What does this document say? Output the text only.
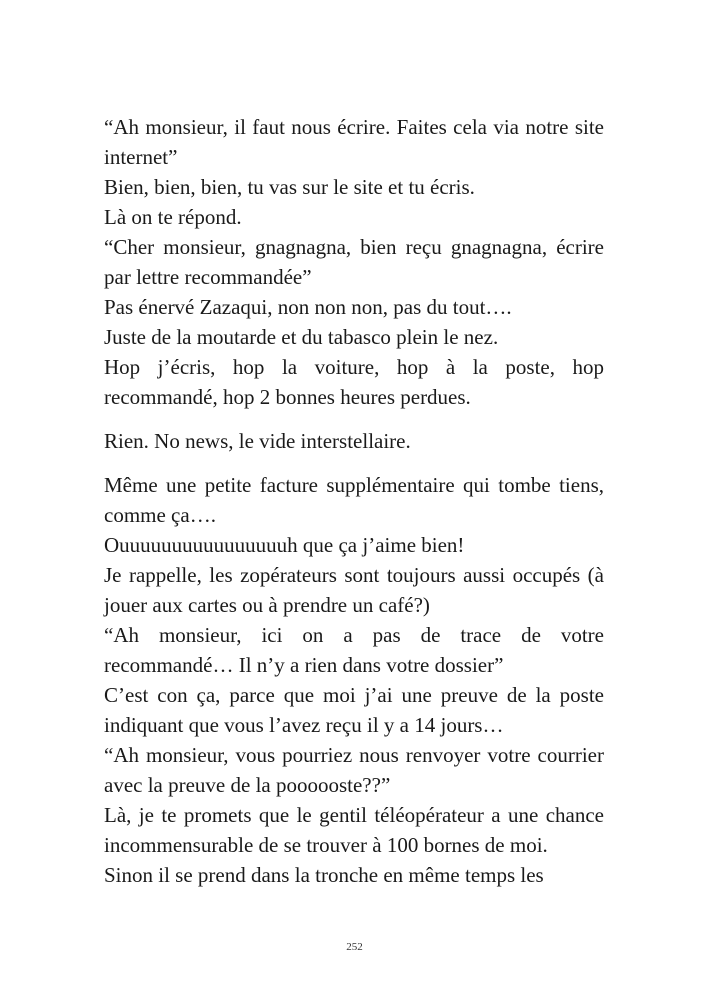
“Ah monsieur, il faut nous écrire. Faites cela via notre site internet”

Bien, bien, bien, tu vas sur le site et tu écris.

Là on te répond.

“Cher monsieur, gnagnagna, bien reçu gnagnagna, écrire par lettre recommandée”

Pas énervé Zazaqui, non non non, pas du tout….

Juste de la moutarde et du tabasco plein le nez.

Hop j’écris, hop la voiture, hop à la poste, hop recommandé, hop 2 bonnes heures perdues.

Rien. No news, le vide interstellaire.

Même une petite facture supplémentaire qui tombe tiens, comme ça….

Ouuuuuuuuuuuuuuuuh que ça j’aime bien!

Je rappelle, les zopérateurs sont toujours aussi occupés (à jouer aux cartes ou à prendre un café?)

“Ah monsieur, ici on a pas de trace de votre recommandé… Il n’y a rien dans votre dossier”

C’est con ça, parce que moi j’ai une preuve de la poste indiquant que vous l’avez reçu il y a 14 jours…

“Ah monsieur, vous pourriez nous renvoyer votre courrier avec la preuve de la poooooste??”

Là, je te promets que le gentil téléopérateur a une chance incommensurable de se trouver à 100 bornes de moi.

Sinon il se prend dans la tronche en même temps les

252
